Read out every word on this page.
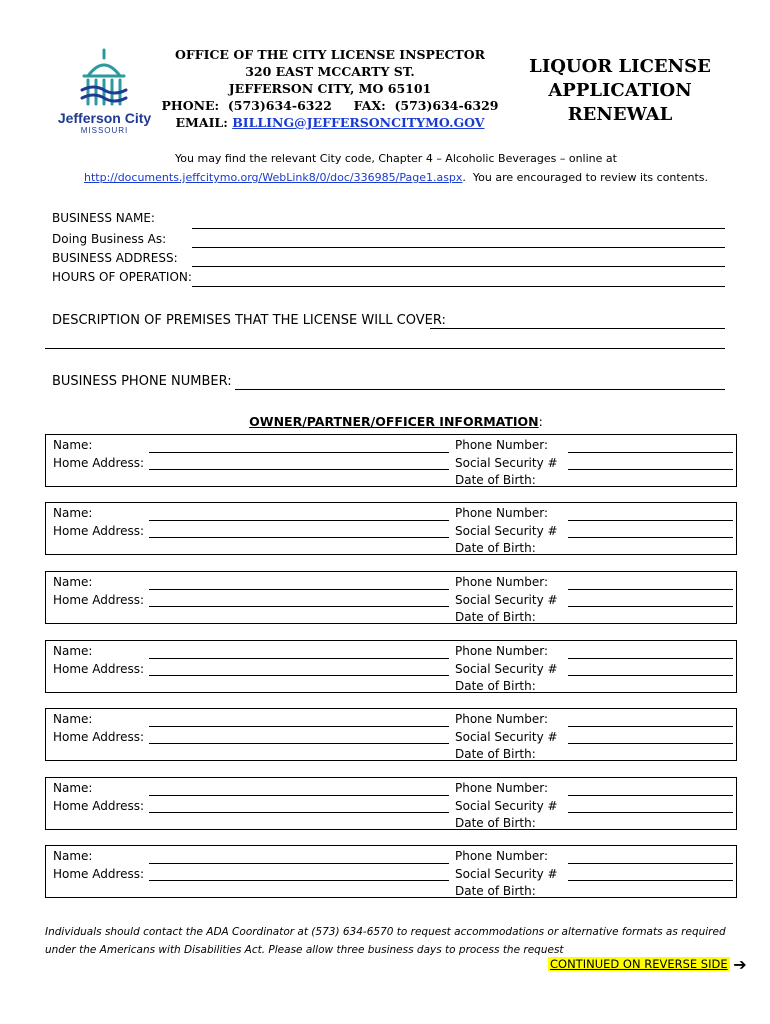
Jefferson City
MISSOURI
OFFICE OF THE CITY LICENSE INSPECTOR
320 EAST MCCARTY ST.
JEFFERSON CITY, MO 65101
PHONE:  (573)634-6322     FAX:  (573)634-6329
EMAIL: BILLING@JEFFERSONCITYMO.GOV
LIQUOR LICENSE
APPLICATION
RENEWAL
You may find the relevant City code, Chapter 4 – Alcoholic Beverages – online at
http://documents.jeffcitymo.org/WebLink8/0/doc/336985/Page1.aspx.  You are encouraged to review its contents.
BUSINESS NAME:
Doing Business As:
BUSINESS ADDRESS:
HOURS OF OPERATION:
DESCRIPTION OF PREMISES THAT THE LICENSE WILL COVER:
BUSINESS PHONE NUMBER:
OWNER/PARTNER/OFFICER INFORMATION:
Name:
Home Address:
Phone Number:
Social Security #
Date of Birth:
Name:
Home Address:
Phone Number:
Social Security #
Date of Birth:
Name:
Home Address:
Phone Number:
Social Security #
Date of Birth:
Name:
Home Address:
Phone Number:
Social Security #
Date of Birth:
Name:
Home Address:
Phone Number:
Social Security #
Date of Birth:
Name:
Home Address:
Phone Number:
Social Security #
Date of Birth:
Name:
Home Address:
Phone Number:
Social Security #
Date of Birth:
Individuals should contact the ADA Coordinator at (573) 634-6570 to request accommodations or alternative formats as required
under the Americans with Disabilities Act. Please allow three business days to process the request
CONTINUED ON REVERSE SIDE ➔
